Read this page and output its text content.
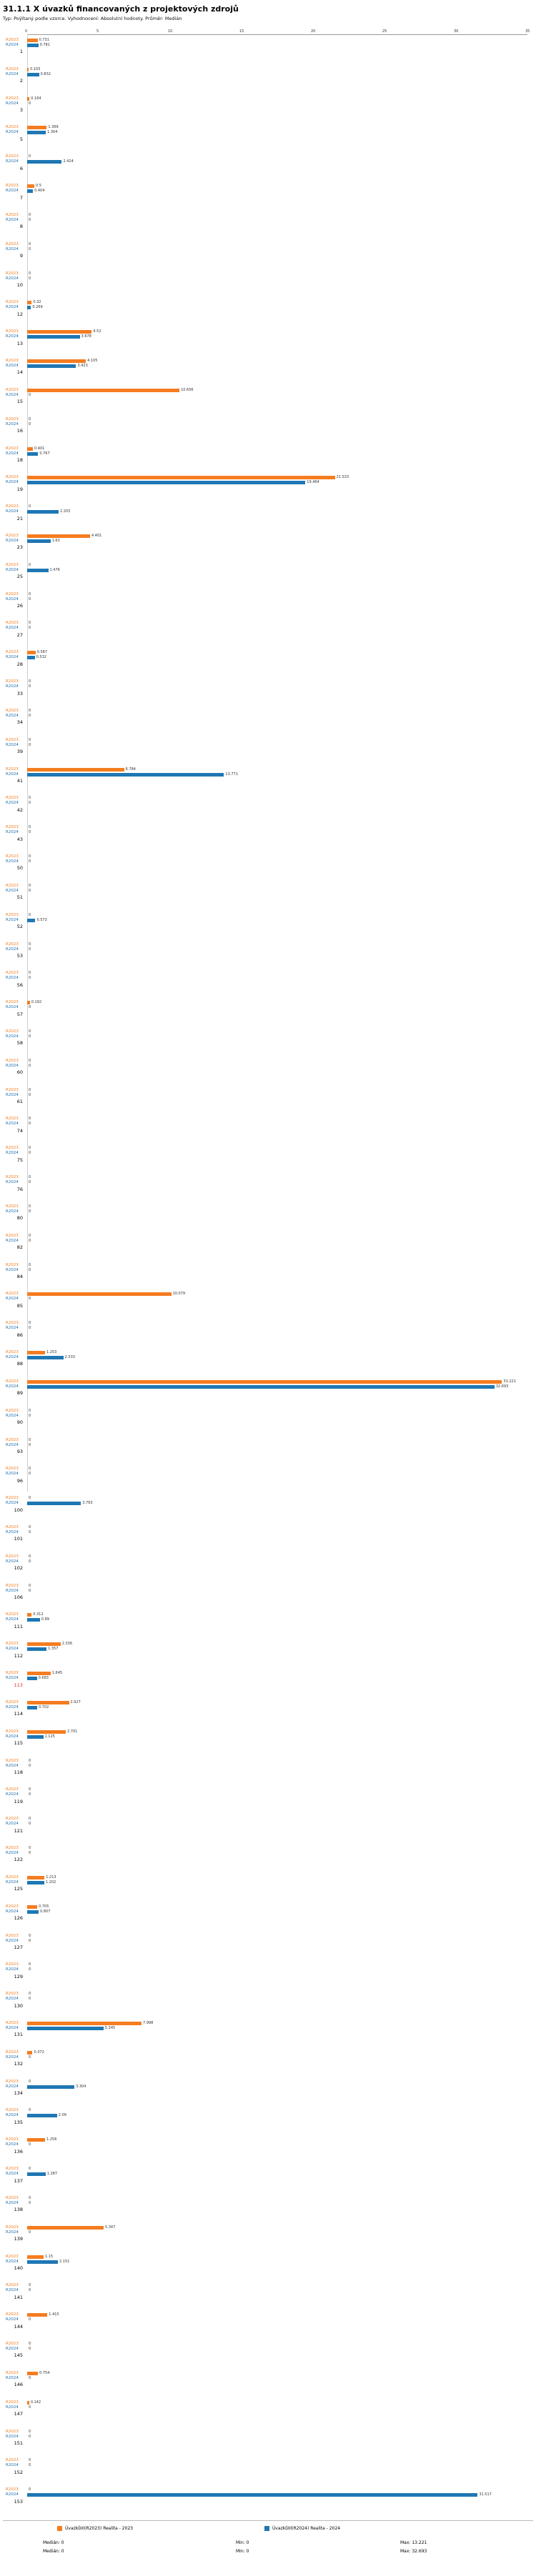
31.1.1 X úvazků financovaných z projektových zdrojů
Typ: Poÿítaný podle vzorce. Vyhodnocení: Absolutní hodnoty. Průměr: Medián
0	5	10	15	20	25	30	35
1
R2023	0.731
R2024	0.781
2
R2023	0.103
R2024	0.832
3
R2023	0.164
R2024	0
5
R2023	1.369
R2024	1.304
6
R2023	0
R2024	2.424
7
R2023	0.5
R2024	0.404
8
R2023	0
R2024	0
9
R2023	0
R2024	0
10
R2023	0
R2024	0
12
R2023	0.32
R2024	0.269
13
R2023	4.52
R2024	3.678
14
R2023	4.105
R2024	3.423
15
R2023	10.656
R2024	0
16
R2023	0
R2024	0
18
R2023	0.401
R2024	0.767
19
R2023	21.533
R2024	19.464
21
R2023	0
R2024	2.203
23
R2023	4.401
R2024	1.63
25
R2023	0
R2024	1.476
26
R2023	0
R2024	0
27
R2023	0
R2024	0
28
R2023	0.587
R2024	0.532
33
R2023	0
R2024	0
34
R2023	0
R2024	0
39
R2023	0
R2024	0
41
R2023	6.784
R2024	13.771
42
R2023	0
R2024	0
43
R2023	0
R2024	0
50
R2023	0
R2024	0
51
R2023	0
R2024	0
52
R2023	0
R2024	0.573
53
R2023	0
R2024	0
56
R2023	0
R2024	0
57
R2023	0.192
R2024	0
58
R2023	0
R2024	0
60
R2023	0
R2024	0
61
R2023	0
R2024	0
74
R2023	0
R2024	0
75
R2023	0
R2024	0
76
R2023	0
R2024	0
80
R2023	0
R2024	0
82
R2023	0
R2024	0
84
R2023	0
R2024	0
85
R2023	10.079
R2024	0
86
R2023	0
R2024	0
88
R2023	1.253
R2024	2.533
89
R2023	33.221
R2024	32.693
90
R2023	0
R2024	0
93
R2023	0
R2024	0
96
R2023	0
R2024	0
100
R2023	0
R2024	3.763
101
R2023	0
R2024	0
102
R2023	0
R2024	0
106
R2023	0
R2024	0
111
R2023	0.312
R2024	0.89
112
R2023	2.336
R2024	1.357
113
R2023	1.645
R2024	0.683
114
R2023	2.927
R2024	0.702
115
R2023	2.701
R2024	1.125
118
R2023	0
R2024	0
119
R2023	0
R2024	0
121
R2023	0
R2024	0
122
R2023	0
R2024	0
125
R2023	1.213
R2024	1.202
126
R2023	0.705
R2024	0.807
127
R2023	0
R2024	0
129
R2023	0
R2024	0
130
R2023	0
R2024	0
131
R2023	7.998
R2024	5.345
132
R2023	0.372
R2024	0
134
R2023	0
R2024	3.304
135
R2023	0
R2024	2.09
136
R2023	1.256
R2024	0
137
R2023	0
R2024	1.287
138
R2023	0
R2024	0
139
R2023	5.347
R2024	0
140
R2023	1.15
R2024	2.151
141
R2023	0
R2024	0
144
R2023	1.415
R2024	0
145
R2023	0
R2024	0
146
R2023	0.754
R2024	0
147
R2023	0.142
R2024	0
151
R2023	0
R2024	0
152
R2023	0
R2024	0
153
R2023	0
R2024	31.517
ÚvazkůIII(R2023) Realita - 2023	ÚvazkůIII(R2024) Realita - 2024
Medián: 0	Min: 0	Max: 13.221
Medián: 0	Min: 0	Max: 32.693
